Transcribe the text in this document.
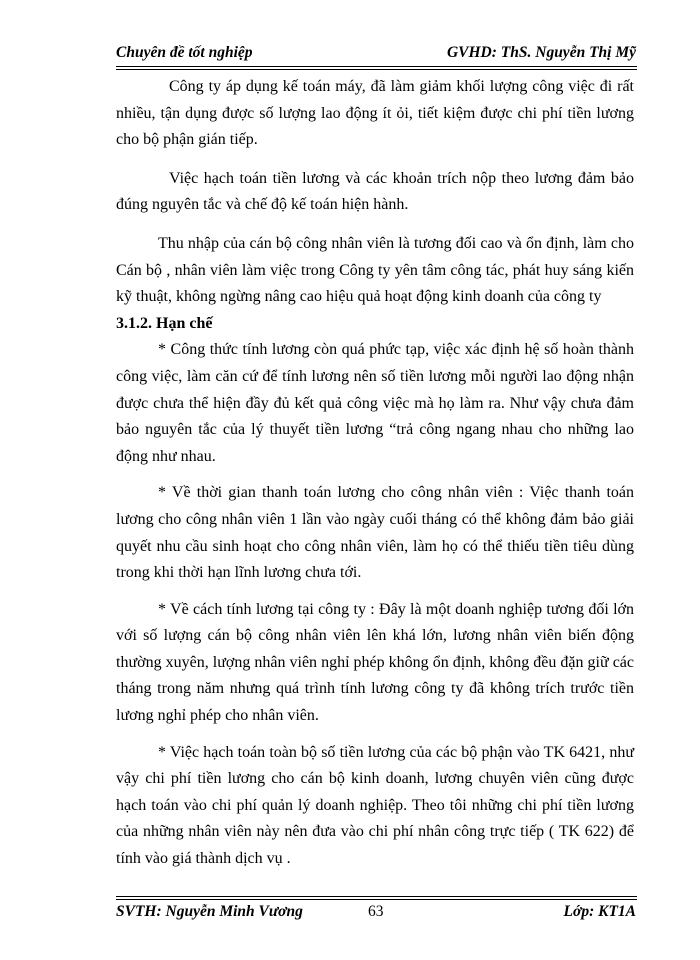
Chuyên đề tốt nghiệp	GVHD: ThS. Nguyễn Thị Mỹ

Công ty áp dụng kế toán máy, đã làm giảm khối lượng công việc đi rất nhiều, tận dụng được số lượng lao động ít ỏi, tiết kiệm được chi phí tiền lương cho bộ phận gián tiếp.

Việc hạch toán tiền lương và các khoản trích nộp theo lương đảm bảo đúng nguyên tắc và chế độ kế toán hiện hành.

Thu nhập của cán bộ công nhân viên là tương đối cao và ổn định, làm cho Cán bộ , nhân viên làm việc trong Công ty yên tâm công tác, phát huy sáng kiến kỹ thuật, không ngừng nâng cao hiệu quả hoạt động kinh doanh của công ty

3.1.2. Hạn chế

* Công thức tính lương còn quá phức tạp, việc xác định hệ số hoàn thành công việc, làm căn cứ để tính lương nên số tiền lương mỗi người lao động nhận được chưa thể hiện đầy đủ kết quả công việc mà họ làm ra. Như vậy chưa đảm bảo nguyên tắc của lý thuyết tiền lương “trả công ngang nhau cho những lao động như nhau.

* Về thời gian thanh toán lương cho công nhân viên : Việc thanh toán lương cho công nhân viên 1 lần vào ngày cuối tháng có thể không đảm bảo giải quyết nhu cầu sinh hoạt cho công nhân viên, làm họ có thể thiếu tiền tiêu dùng trong khi thời hạn lĩnh lương chưa tới.

* Về cách tính lương tại công ty : Đây là một doanh nghiệp tương đối lớn với số lượng cán bộ công nhân viên lên khá lớn, lương nhân viên biến động thường xuyên, lượng nhân viên nghỉ phép không ổn định, không đều đặn giữ các tháng trong năm nhưng quá trình tính lương công ty đã không trích trước tiền lương nghỉ phép cho nhân viên.

* Việc hạch toán toàn bộ số tiền lương của các bộ phận vào TK 6421, như vậy chi phí tiền lương cho cán bộ kinh doanh, lương chuyên viên cũng được hạch toán vào chi phí quản lý doanh nghiệp. Theo tôi những chi phí tiền lương của những nhân viên này nên đưa vào chi phí nhân công trực tiếp ( TK 622) để tính vào giá thành dịch vụ .

SVTH: Nguyễn Minh Vương	63	Lớp: KT1A
